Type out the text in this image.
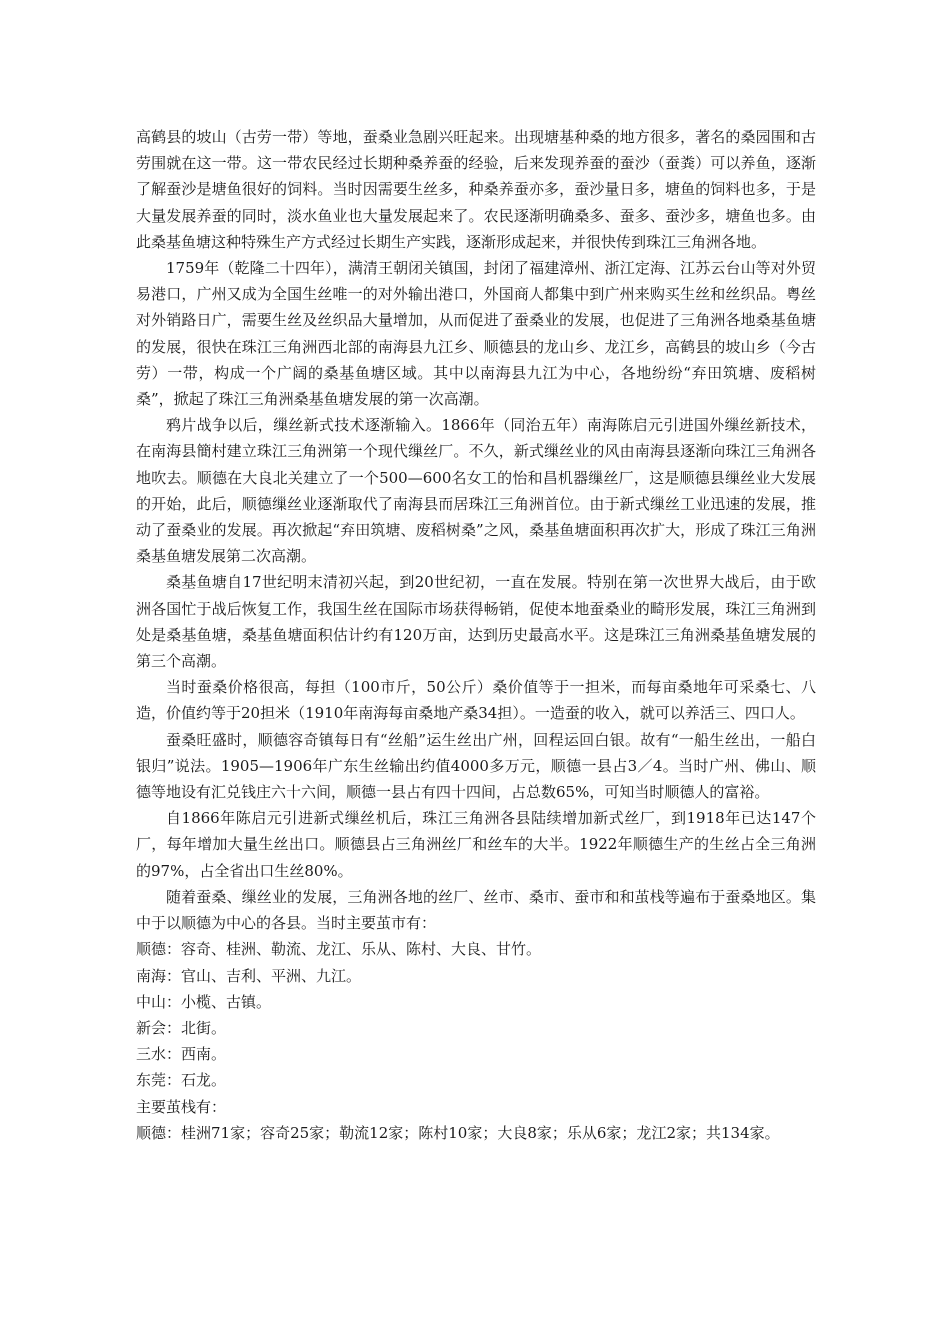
高鹤县的坡山（古劳一带）等地，蚕桑业急剧兴旺起来。出现塘基种桑的地方很多，著名的桑园围和古劳围就在这一带。这一带农民经过长期种桑养蚕的经验，后来发现养蚕的蚕沙（蚕粪）可以养鱼，逐渐了解蚕沙是塘鱼很好的饲料。当时因需要生丝多，种桑养蚕亦多，蚕沙量日多，塘鱼的饲料也多，于是大量发展养蚕的同时，淡水鱼业也大量发展起来了。农民逐渐明确桑多、蚕多、蚕沙多，塘鱼也多。由此桑基鱼塘这种特殊生产方式经过长期生产实践，逐渐形成起来，并很快传到珠江三角洲各地。

1759年（乾隆二十四年），满清王朝闭关镇国，封闭了福建漳州、浙江定海、江苏云台山等对外贸易港口，广州又成为全国生丝唯一的对外输出港口，外国商人都集中到广州来购买生丝和丝织品。粤丝对外销路日广，需要生丝及丝织品大量增加，从而促进了蚕桑业的发展，也促进了三角洲各地桑基鱼塘的发展，很快在珠江三角洲西北部的南海县九江乡、顺德县的龙山乡、龙江乡，高鹤县的坡山乡（今古劳）一带，构成一个广阔的桑基鱼塘区域。其中以南海县九江为中心，各地纷纷“弃田筑塘、废稻树桑”，掀起了珠江三角洲桑基鱼塘发展的第一次高潮。

鸦片战争以后，缫丝新式技术逐渐输入。1866年（同治五年）南海陈启元引进国外缫丝新技术，在南海县簡村建立珠江三角洲第一个现代缫丝厂。不久，新式缫丝业的风由南海县逐渐向珠江三角洲各地吹去。顺德在大良北关建立了一个500—600名女工的怡和昌机器缫丝厂，这是顺德县缫丝业大发展的开始，此后，顺德缫丝业逐渐取代了南海县而居珠江三角洲首位。由于新式缫丝工业迅速的发展，推动了蚕桑业的发展。再次掀起“弃田筑塘、废稻树桑”之风，桑基鱼塘面积再次扩大，形成了珠江三角洲桑基鱼塘发展第二次高潮。

桑基鱼塘自17世纪明末清初兴起，到20世纪初，一直在发展。特别在第一次世界大战后，由于欧洲各国忙于战后恢复工作，我国生丝在国际市场获得畅销，促使本地蚕桑业的畸形发展，珠江三角洲到处是桑基鱼塘，桑基鱼塘面积估计约有120万亩，达到历史最高水平。这是珠江三角洲桑基鱼塘发展的第三个高潮。

当时蚕桑价格很高，每担（100市斤，50公斤）桑价值等于一担米，而每亩桑地年可采桑七、八造，价值约等于20担米（1910年南海每亩桑地产桑34担）。一造蚕的收入，就可以养活三、四口人。

蚕桑旺盛时，顺德容奇镇每日有“丝船”运生丝出广州，回程运回白银。故有“一船生丝出，一船白银归”说法。1905—1906年广东生丝输出约值4000多万元，顺德一县占3／4。当时广州、佛山、顺德等地设有汇兑钱庄六十六间，顺德一县占有四十四间，占总数65%，可知当时顺德人的富裕。

自1866年陈启元引进新式缫丝机后，珠江三角洲各县陆续增加新式丝厂，到1918年已达147个厂，每年增加大量生丝出口。顺德县占三角洲丝厂和丝车的大半。1922年顺德生产的生丝占全三角洲的97%，占全省出口生丝80%。

随着蚕桑、缫丝业的发展，三角洲各地的丝厂、丝市、桑市、蚕市和和茧栈等遍布于蚕桑地区。集中于以顺德为中心的各县。当时主要茧市有：

顺德：容奇、桂洲、勒流、龙江、乐从、陈村、大良、甘竹。

南海：官山、吉利、平洲、九江。

中山：小榄、古镇。

新会：北街。

三水：西南。

东莞：石龙。

主要茧栈有：

顺德：桂洲71家；容奇25家；勒流12家；陈村10家；大良8家；乐从6家；龙江2家；共134家。
